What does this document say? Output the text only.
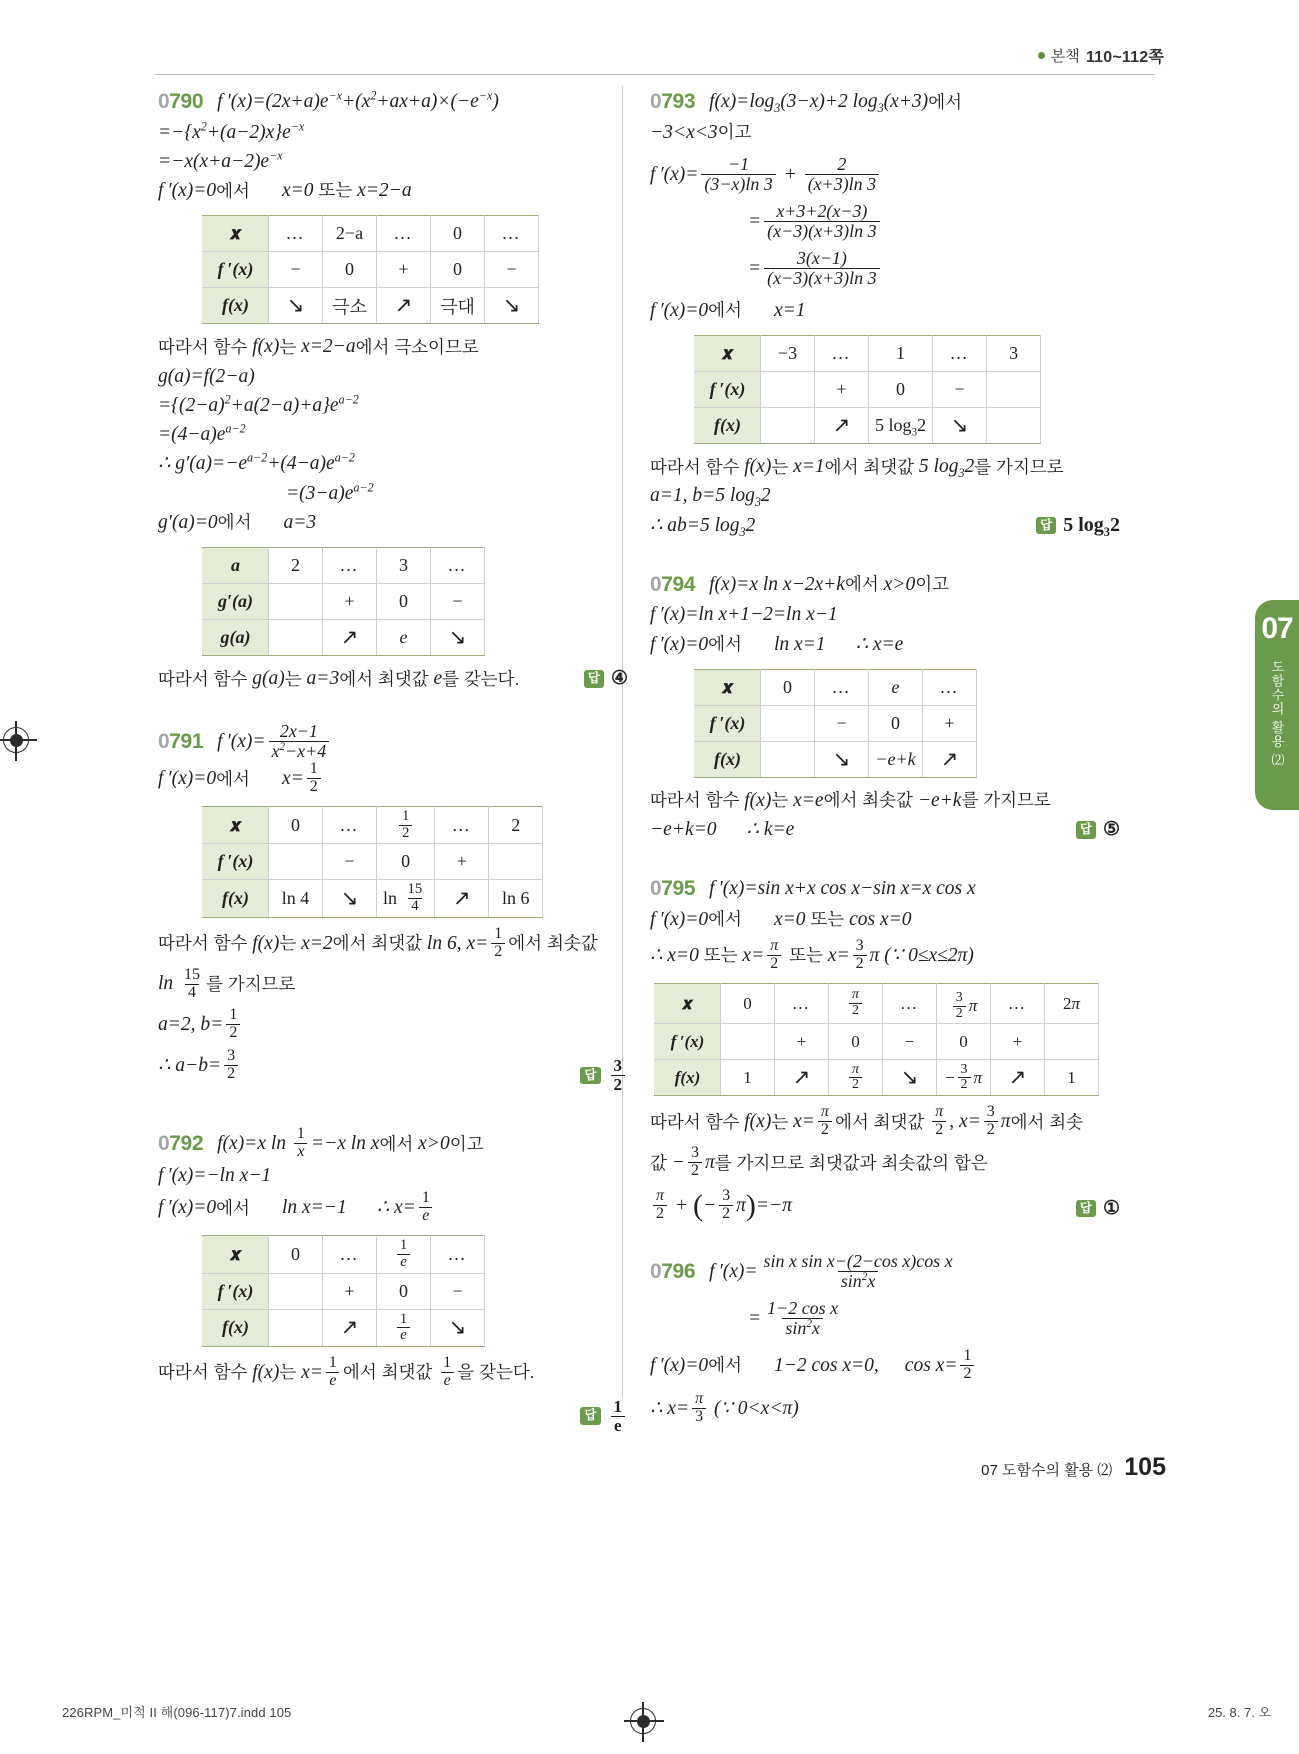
본책 110~112쪽
07
도함수의 활용 ⑵
0790 f $'(x)=(2x+a)e^{-x}+(x^2+ax+a)\times(-e^{-x})$
$=-\{x^2+(a-2)x\}e^{-x}$
$=-x(x+a-2)e^{-x}$
f ′(x)=0 에서 x=0 또는 x=2−a
𝒙	…	2−a	…	0	…
f ′(x)	−	0	+	0	−
f(x)	↘	극소	↗	극대	↘
따라서 함수 f(x) 는 x=2−a 에서 극소이므로
g(a)=f(2−a)
$=\{(2-a)^2+a(2-a)+a\}e^{a-2}$
$=(4-a)e^{a-2}$
∴ $g'(a)=-e^{a-2}+(4-a)e^{a-2}$
$=(3-a)e^{a-2}$
g′(a)=0 에서 a=3
a	2	…	3	…
g′(a)		+	0	−
g(a)		↗	e	↘
따라서 함수 g(a) 는 a=3 에서 최댓값 e 를 갖는다.	답 ④
0791 f $'(x)= \frac{2x-1}{x^2-x+4}$
f ′(x)=0 에서 $x= \frac{1}{2}$
𝒙	0	…	$\frac{1}{2}$	…	2
f ′(x)		−	0	+	
f(x)	ln 4	↘	$\ln \frac{15}{4}$	↗	ln 6
따라서 함수 f(x) 는 x=2 에서 최댓값 ln 6, $x= \frac{1}{2}$ 에서 최솟값
$\ln \frac{15}{4}$ 를 가지므로
a=2, $b= \frac{1}{2}$
∴ $a-b= \frac{3}{2}$	답 $\frac{3}{2}$
0792 f(x)=x $\ln \frac{1}{x} =-x$ ln x 에서 x>0 이고
f ′(x)=−ln x−1
f ′(x)=0 에서 ln x=−1 ∴ $x= \frac{1}{e}$
𝒙	0	…	$\frac{1}{e}$	…
f ′(x)		+	0	−
f(x)		↗	$\frac{1}{e}$	↘
따라서 함수 f(x) 는 $x= \frac{1}{e}$ 에서 최댓값 $\frac{1}{e}$ 을 갖는다.
답 $\frac{1}{e}$
0793 $f(x)=\log_3(3-x)+2$ $\log_3(x+3)$ 에서
−3<x<3 이고
f $'(x)= \frac{-1}{(3-x)\ln 3} + \frac{2}{(x+3)\ln 3}$
= $\frac{x+3+2(x-3)}{(x-3)(x+3)\ln 3}$
= $\frac{3(x-1)}{(x-3)(x+3)\ln 3}$
f ′(x)=0 에서 x=1
𝒙	−3	…	1	…	3
f ′(x)		+	0	−	
f(x)		↗	5 $\log_32$	↘	
따라서 함수 f(x) 는 x=1 에서 최댓값 5 $\log_32$ 를 가지므로
a=1, b=5 $\log_32$
∴ ab=5 $\log_32$	답 5 $\log_32$
0794 f(x)=x ln x−2x+k 에서 x>0 이고
f ′(x)=ln x+1−2=ln x−1
f ′(x)=0 에서 ln x=1 ∴ x=e
𝒙	0	…	e	…
f ′(x)		−	0	+
f(x)		↘	−e+k	↗
따라서 함수 f(x) 는 x=e 에서 최솟값 −e+k 를 가지므로
−e+k=0 ∴ k=e	답 ⑤
0795 f ′(x)=sin x+x cos x−sin x=x cos x
f ′(x)=0 에서 x=0 또는 cos x=0
∴ x=0 또는 $x= \frac{\pi}{2}$ 또는 $x= \frac{3}{2}$ π (∵ 0≤x≤2π)
𝒙	0	…	$\frac{\pi}{2}$	…	$\frac{3}{2}$ π	…	2π
f ′(x)		+	0	−	0	+	
f(x)	1	↗	$\frac{\pi}{2}$	↘	− $\frac{3}{2}$ π	↗	1
따라서 함수 f(x) 는 $x= \frac{\pi}{2}$ 에서 최댓값 $\frac{\pi}{2}$ , $x= \frac{3}{2}$ π 에서 최솟
값 − $\frac{3}{2}$ π 를 가지므로 최댓값과 최솟값의 합은
$\frac{\pi}{2}$ + ( − $\frac{3}{2}$ π ) =−π	답 ①
0796 f $'(x)= \frac{\text{sin x sin x−(2−cos x)cos x}}{\sin^2x}$
= $\frac{\text{1−2 cos x}}{\sin^2x}$
f ′(x)=0 에서 1−2 cos x=0, $\cos x= \frac{1}{2}$
∴ $x= \frac{\pi}{3}$ (∵ 0<x<π)
07 도함수의 활용 ⑵ 105
226RPM_미적 II 해(096-117)7.indd 105	25. 8. 7. 오
